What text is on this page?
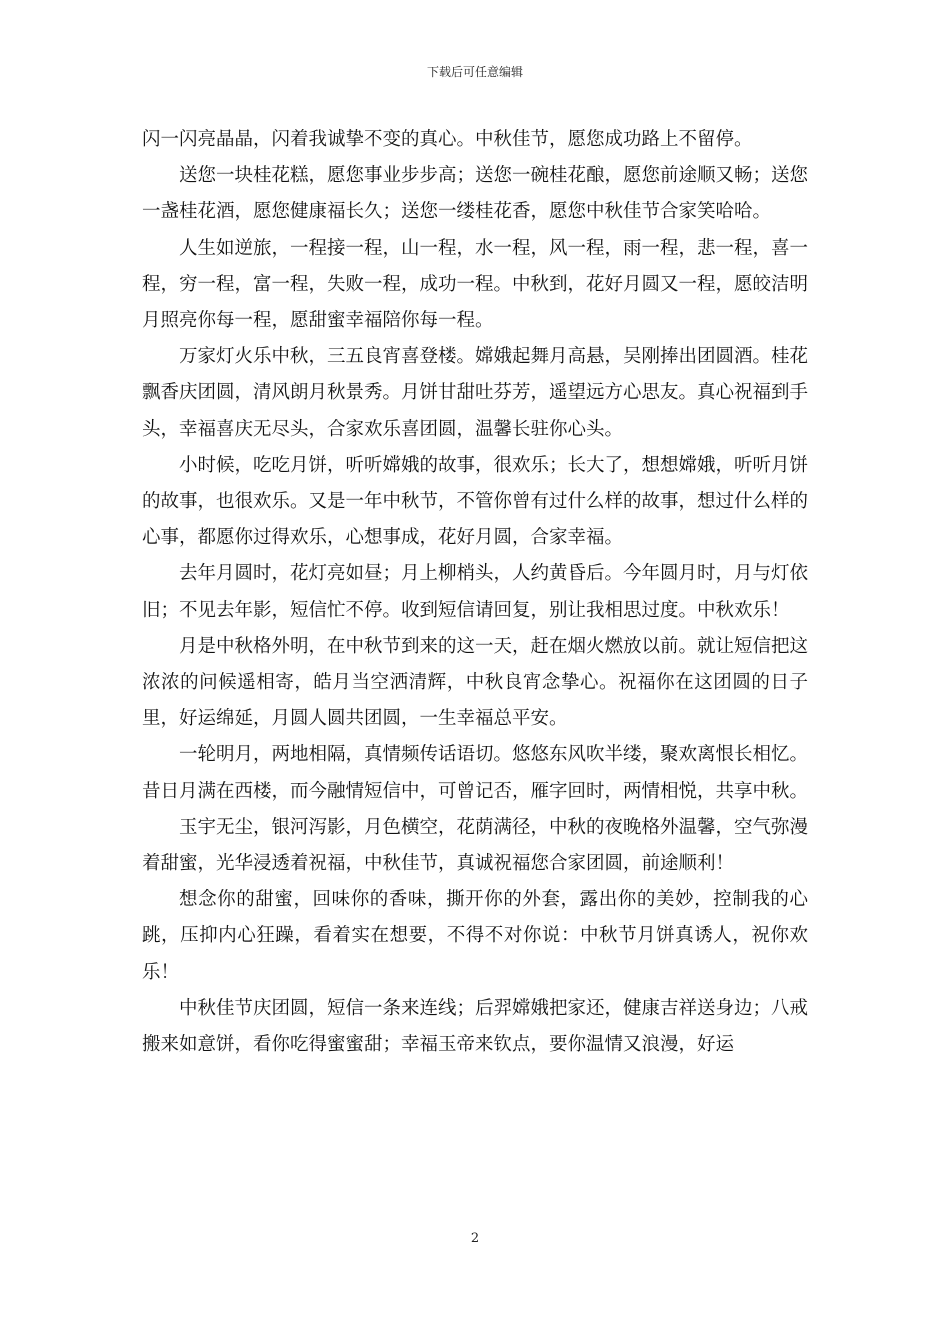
下载后可任意编辑

闪一闪亮晶晶，闪着我诚挚不变的真心。中秋佳节，愿您成功路上不留停。

送您一块桂花糕，愿您事业步步高；送您一碗桂花酿，愿您前途顺又畅；送您一盏桂花酒，愿您健康福长久；送您一缕桂花香，愿您中秋佳节合家笑哈哈。

人生如逆旅，一程接一程，山一程，水一程，风一程，雨一程，悲一程，喜一程，穷一程，富一程，失败一程，成功一程。中秋到，花好月圆又一程，愿皎洁明月照亮你每一程，愿甜蜜幸福陪你每一程。

万家灯火乐中秋，三五良宵喜登楼。嫦娥起舞月高悬，吴刚捧出团圆酒。桂花飘香庆团圆，清风朗月秋景秀。月饼甘甜吐芬芳，遥望远方心思友。真心祝福到手头，幸福喜庆无尽头，合家欢乐喜团圆，温馨长驻你心头。

小时候，吃吃月饼，听听嫦娥的故事，很欢乐；长大了，想想嫦娥，听听月饼的故事，也很欢乐。又是一年中秋节，不管你曾有过什么样的故事，想过什么样的心事，都愿你过得欢乐，心想事成，花好月圆，合家幸福。

去年月圆时，花灯亮如昼；月上柳梢头，人约黄昏后。今年圆月时，月与灯依旧；不见去年影，短信忙不停。收到短信请回复，别让我相思过度。中秋欢乐！

月是中秋格外明，在中秋节到来的这一天，赶在烟火燃放以前。就让短信把这浓浓的问候遥相寄，皓月当空洒清辉，中秋良宵念挚心。祝福你在这团圆的日子里，好运绵延，月圆人圆共团圆，一生幸福总平安。

一轮明月，两地相隔，真情频传话语切。悠悠东风吹半缕，聚欢离恨长相忆。昔日月满在西楼，而今融情短信中，可曾记否，雁字回时，两情相悦，共享中秋。

玉宇无尘，银河泻影，月色横空，花荫满径，中秋的夜晚格外温馨，空气弥漫着甜蜜，光华浸透着祝福，中秋佳节，真诚祝福您合家团圆，前途顺利！

想念你的甜蜜，回味你的香味，撕开你的外套，露出你的美妙，控制我的心跳，压抑内心狂躁，看着实在想要，不得不对你说：中秋节月饼真诱人，祝你欢乐！

中秋佳节庆团圆，短信一条来连线；后羿嫦娥把家还，健康吉祥送身边；八戒搬来如意饼，看你吃得蜜蜜甜；幸福玉帝来钦点，要你温情又浪漫，好运

2
